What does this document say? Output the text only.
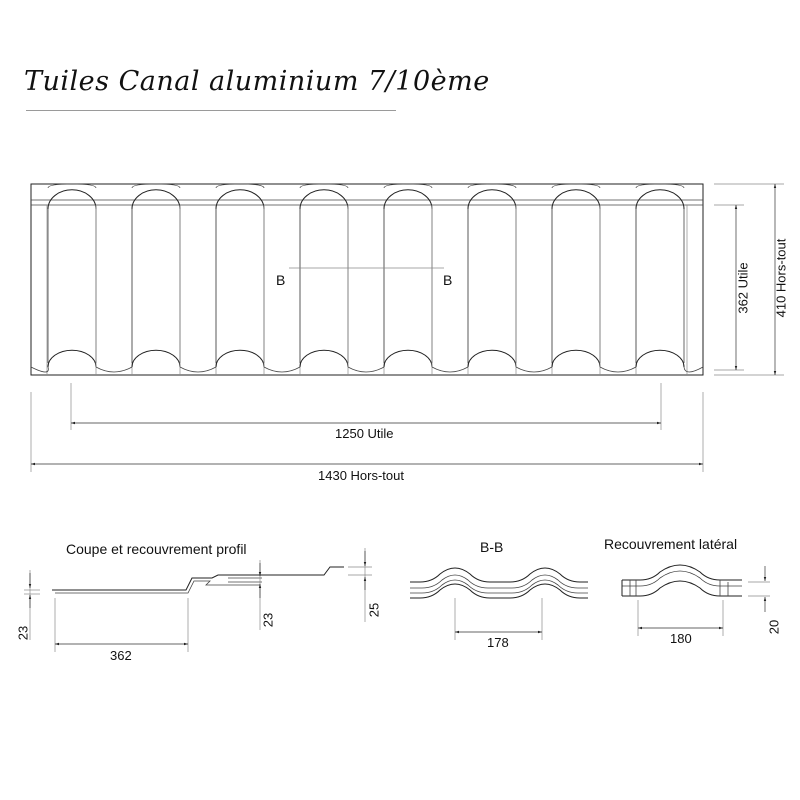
Tuiles Canal aluminium 7/10ème
B	B
1250 Utile
1430 Hors-tout
362 Utile 410 Hors-tout
Coupe et recouvrement profil
23
362
23
25
B-B
178
Recouvrement latéral
180
20
